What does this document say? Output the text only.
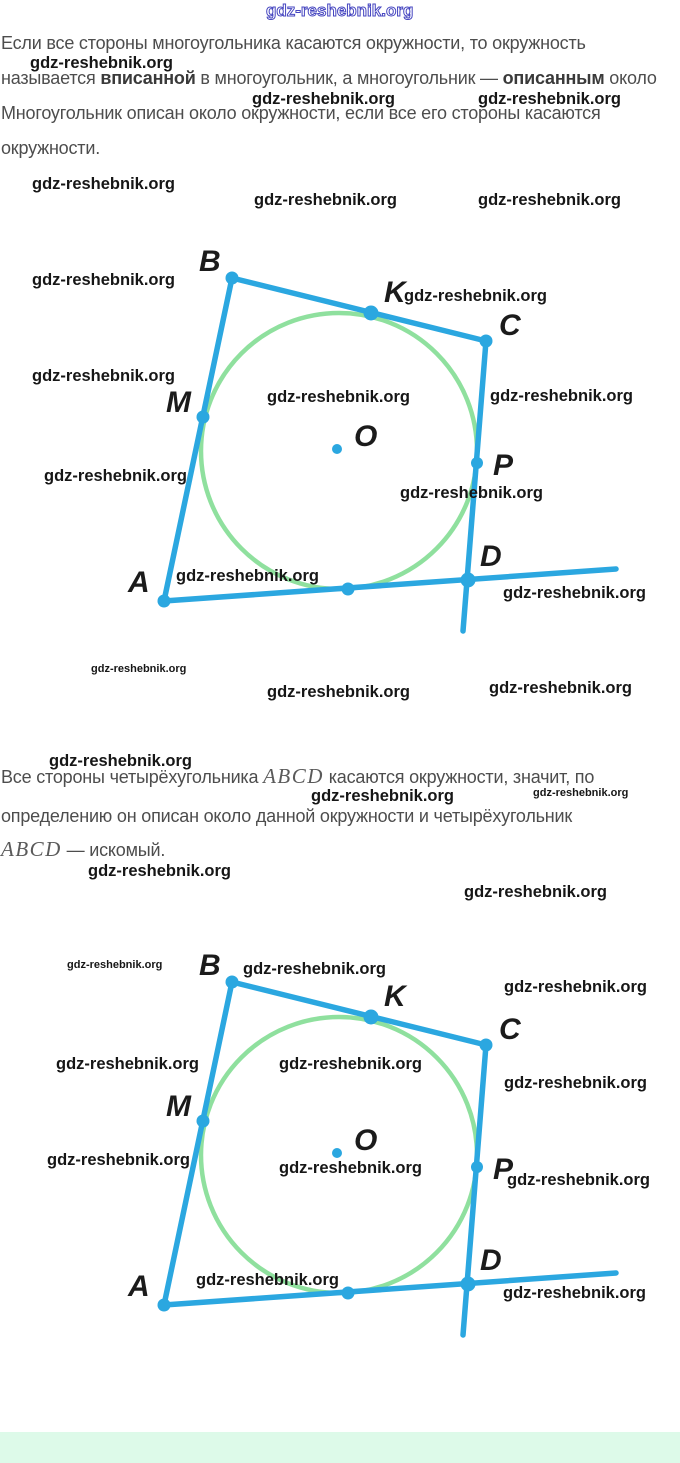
Если все стороны многоугольника касаются окружности, то окружность
называется вписанной в многоугольник, а многоугольник — описанным около
Многоугольник описан около окружности, если все его стороны касаются
окружности.
B
K
C
M
O
P
D
A
Все стороны четырёхугольника ABCD касаются окружности, значит, по
определению он описан около данной окружности и четырёхугольник
ABCD — искомый.
B
K
C
M
O
P
D
A
gdz-reshebnik.org
gdz-reshebnik.org
gdz-reshebnik.org	gdz-reshebnik.org
gdz-reshebnik.org
gdz-reshebnik.org	gdz-reshebnik.org
gdz-reshebnik.org
gdz-reshebnik.org
gdz-reshebnik.org
gdz-reshebnik.org	gdz-reshebnik.org
gdz-reshebnik.org
gdz-reshebnik.org
gdz-reshebnik.org
gdz-reshebnik.org
gdz-reshebnik.org
gdz-reshebnik.org	gdz-reshebnik.org
gdz-reshebnik.org
gdz-reshebnik.org	gdz-reshebnik.org
gdz-reshebnik.org
gdz-reshebnik.org
gdz-reshebnik.org	gdz-reshebnik.org
gdz-reshebnik.org
gdz-reshebnik.org	gdz-reshebnik.org
gdz-reshebnik.org
gdz-reshebnik.org	gdz-reshebnik.org
gdz-reshebnik.org
gdz-reshebnik.org
gdz-reshebnik.org
